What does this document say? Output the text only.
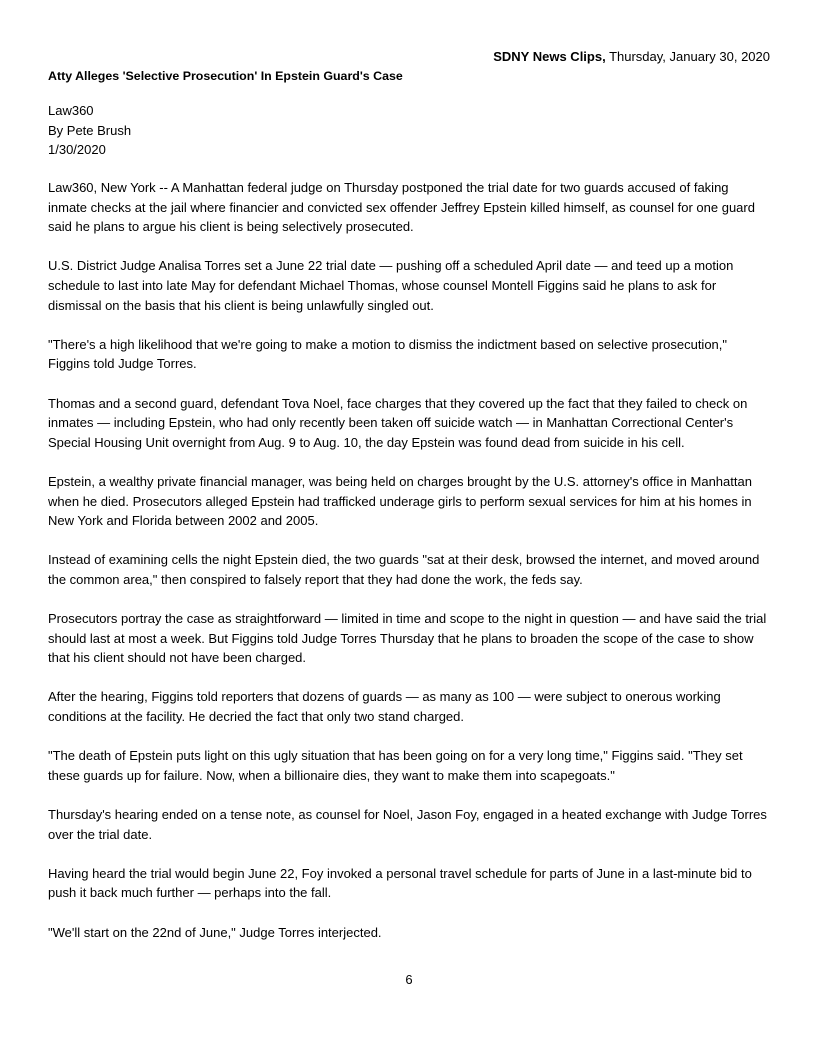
SDNY News Clips, Thursday, January 30, 2020
Atty Alleges 'Selective Prosecution' In Epstein Guard's Case
Law360
By Pete Brush
1/30/2020

Law360, New York -- A Manhattan federal judge on Thursday postponed the trial date for two guards accused of faking inmate checks at the jail where financier and convicted sex offender Jeffrey Epstein killed himself, as counsel for one guard said he plans to argue his client is being selectively prosecuted.

U.S. District Judge Analisa Torres set a June 22 trial date — pushing off a scheduled April date — and teed up a motion schedule to last into late May for defendant Michael Thomas, whose counsel Montell Figgins said he plans to ask for dismissal on the basis that his client is being unlawfully singled out.

"There's a high likelihood that we're going to make a motion to dismiss the indictment based on selective prosecution," Figgins told Judge Torres.

Thomas and a second guard, defendant Tova Noel, face charges that they covered up the fact that they failed to check on inmates — including Epstein, who had only recently been taken off suicide watch — in Manhattan Correctional Center's Special Housing Unit overnight from Aug. 9 to Aug. 10, the day Epstein was found dead from suicide in his cell.

Epstein, a wealthy private financial manager, was being held on charges brought by the U.S. attorney's office in Manhattan when he died. Prosecutors alleged Epstein had trafficked underage girls to perform sexual services for him at his homes in New York and Florida between 2002 and 2005.

Instead of examining cells the night Epstein died, the two guards "sat at their desk, browsed the internet, and moved around the common area," then conspired to falsely report that they had done the work, the feds say.

Prosecutors portray the case as straightforward — limited in time and scope to the night in question — and have said the trial should last at most a week. But Figgins told Judge Torres Thursday that he plans to broaden the scope of the case to show that his client should not have been charged.

After the hearing, Figgins told reporters that dozens of guards — as many as 100 — were subject to onerous working conditions at the facility. He decried the fact that only two stand charged.

"The death of Epstein puts light on this ugly situation that has been going on for a very long time," Figgins said. "They set these guards up for failure. Now, when a billionaire dies, they want to make them into scapegoats."

Thursday's hearing ended on a tense note, as counsel for Noel, Jason Foy, engaged in a heated exchange with Judge Torres over the trial date.

Having heard the trial would begin June 22, Foy invoked a personal travel schedule for parts of June in a last-minute bid to push it back much further — perhaps into the fall.

"We'll start on the 22nd of June," Judge Torres interjected.

6
